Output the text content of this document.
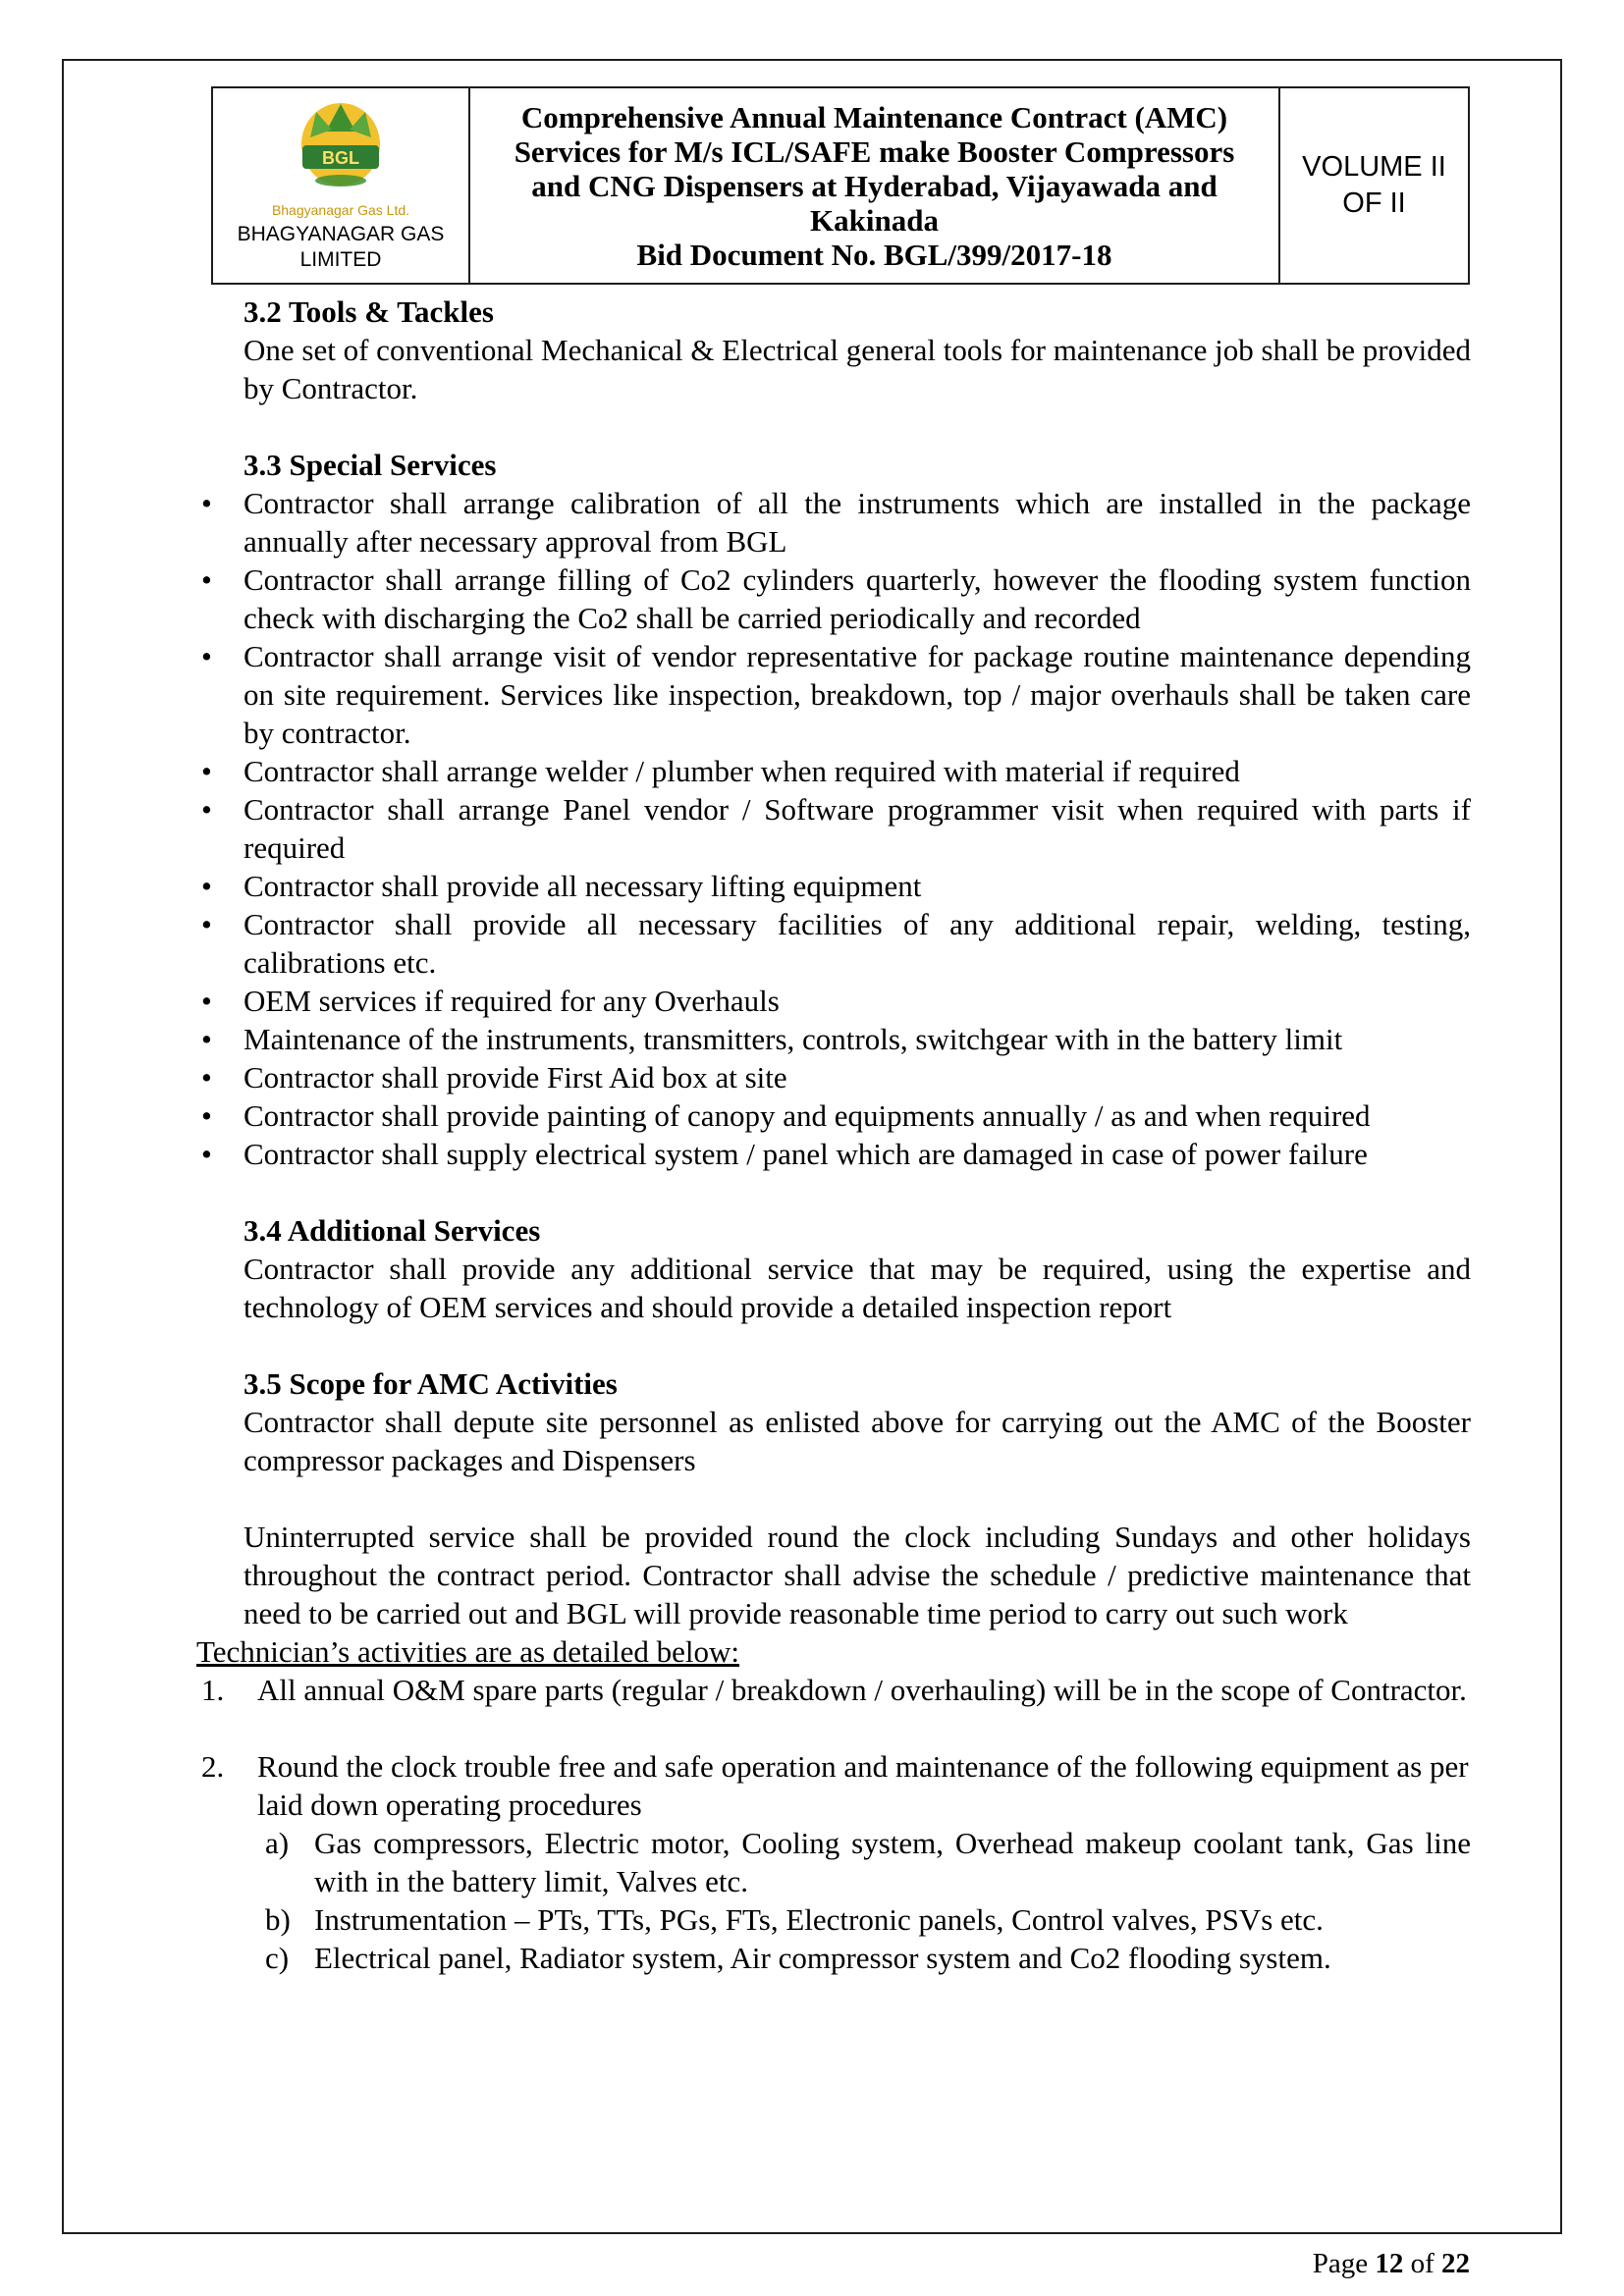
BGL
Bhagyanagar Gas Ltd.
BHAGYANAGAR GAS LIMITED
Comprehensive Annual Maintenance Contract (AMC) Services for M/s ICL/SAFE make Booster Compressors and CNG Dispensers at Hyderabad, Vijayawada and Kakinada
Bid Document No. BGL/399/2017-18
VOLUME II OF II
3.2 Tools & Tackles
One set of conventional Mechanical & Electrical general tools for maintenance job shall be provided by Contractor.
3.3 Special Services
•	Contractor shall arrange calibration of all the instruments which are installed in the package annually after necessary approval from BGL
•	Contractor shall arrange filling of Co2 cylinders quarterly, however the flooding system function check with discharging the Co2 shall be carried periodically and recorded
•	Contractor shall arrange visit of vendor representative for package routine maintenance depending on site requirement. Services like inspection, breakdown, top / major overhauls shall be taken care by contractor.
•	Contractor shall arrange welder / plumber when required with material if required
•	Contractor shall arrange Panel vendor / Software programmer visit when required with parts if required
•	Contractor shall provide all necessary lifting equipment
•	Contractor shall provide all necessary facilities of any additional repair, welding, testing, calibrations etc.
•	OEM services if required for any Overhauls
•	Maintenance of the instruments, transmitters, controls, switchgear with in the battery limit
•	Contractor shall provide First Aid box at site
•	Contractor shall provide painting of canopy and equipments annually / as and when required
•	Contractor shall supply electrical system / panel which are damaged in case of power failure
3.4 Additional Services
Contractor shall provide any additional service that may be required, using the expertise and technology of OEM services and should provide a detailed inspection report
3.5 Scope for AMC Activities
Contractor shall depute site personnel as enlisted above for carrying out the AMC of the Booster compressor packages and Dispensers
Uninterrupted service shall be provided round the clock including Sundays and other holidays throughout the contract period. Contractor shall advise the schedule / predictive maintenance that need to be carried out and BGL will provide reasonable time period to carry out such work
Technician’s activities are as detailed below:
1.	All annual O&M spare parts (regular / breakdown / overhauling) will be in the scope of Contractor.
2.	Round the clock trouble free and safe operation and maintenance of the following equipment as per laid down operating procedures
a) Gas compressors, Electric motor, Cooling system, Overhead makeup coolant tank, Gas line with in the battery limit, Valves etc.
b) Instrumentation – PTs, TTs, PGs, FTs, Electronic panels, Control valves, PSVs etc.
c) Electrical panel, Radiator system, Air compressor system and Co2 flooding system.
Page 12 of 22
